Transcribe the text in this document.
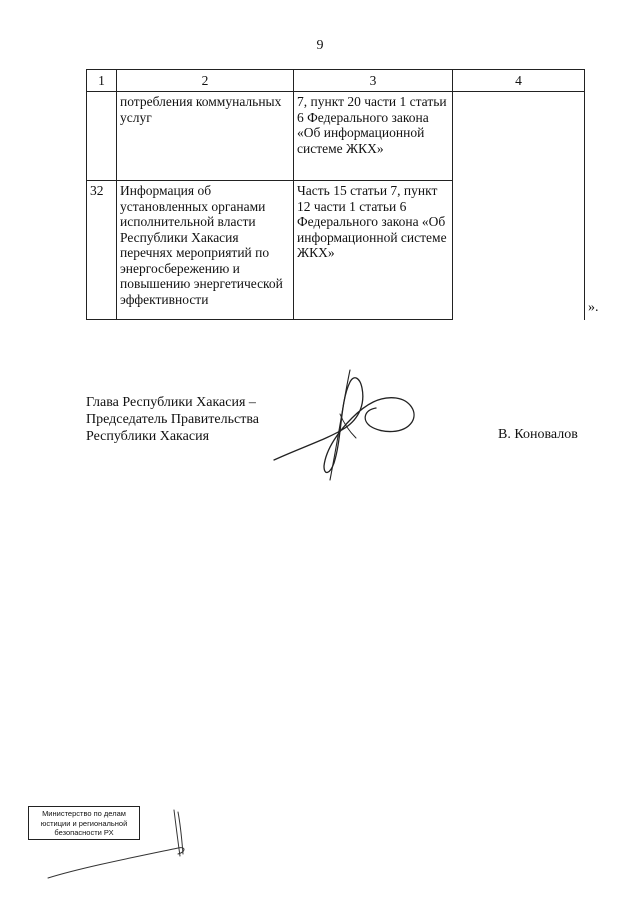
9
1	2	3	4
	потребления коммунальных услуг	7, пункт 20 части 1 статьи 6 Федерального закона «Об информационной системе ЖКХ»	
32	Информация об установленных органами исполнительной власти Республики Хакасия перечнях мероприятий по энергосбережению и повышению энергетической эффективности	Часть 15 статьи 7, пункт 12 части 1 статьи 6 Федерального закона «Об информационной системе ЖКХ»	
».
Глава Республики Хакасия –
Председатель Правительства
Республики Хакасия	В. Коновалов
Министерство по делам
юстиции и региональной
безопасности РХ
